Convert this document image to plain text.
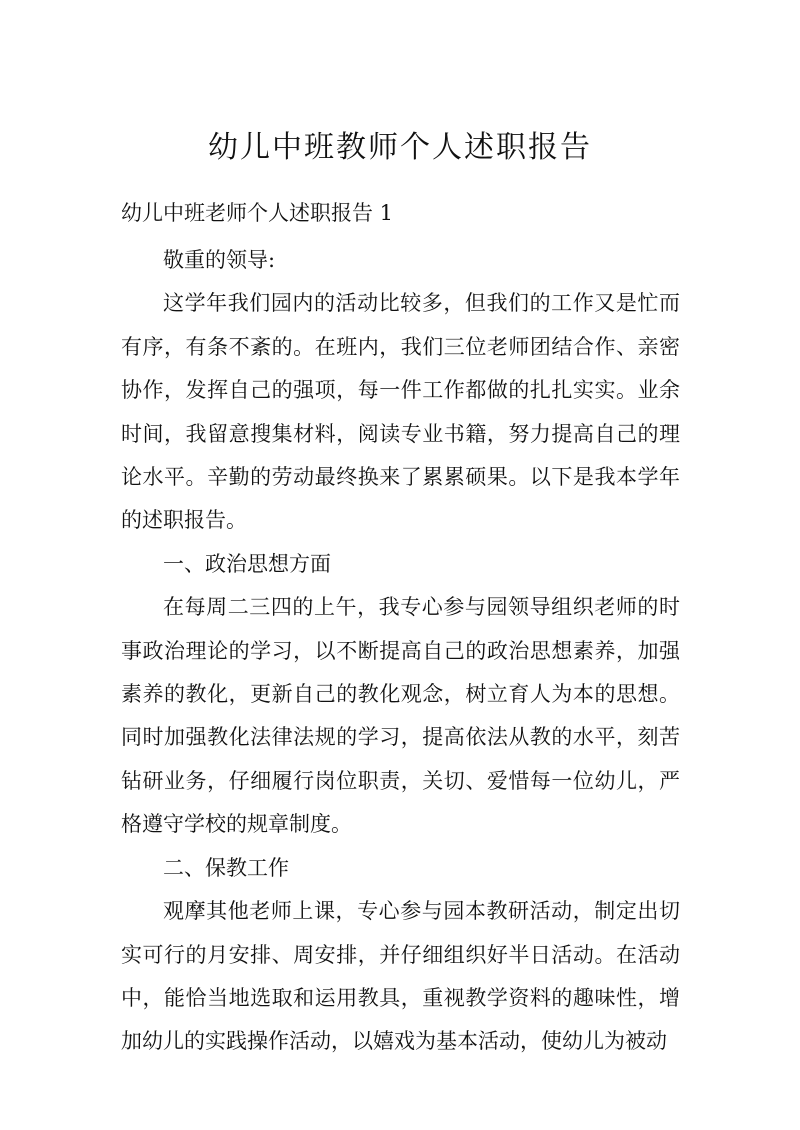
幼儿中班教师个人述职报告
幼儿中班老师个人述职报告 1

敬重的领导:

这学年我们园内的活动比较多，但我们的工作又是忙而有序，有条不紊的。在班内，我们三位老师团结合作、亲密协作，发挥自己的强项，每一件工作都做的扎扎实实。业余时间，我留意搜集材料，阅读专业书籍，努力提高自己的理论水平。辛勤的劳动最终换来了累累硕果。以下是我本学年的述职报告。

一、政治思想方面

在每周二三四的上午，我专心参与园领导组织老师的时事政治理论的学习，以不断提高自己的政治思想素养，加强素养的教化，更新自己的教化观念，树立育人为本的思想。同时加强教化法律法规的学习，提高依法从教的水平，刻苦钻研业务，仔细履行岗位职责，关切、爱惜每一位幼儿，严格遵守学校的规章制度。

二、保教工作

观摩其他老师上课，专心参与园本教研活动，制定出切实可行的月安排、周安排，并仔细组织好半日活动。在活动中，能恰当地选取和运用教具，重视教学资料的趣味性，增加幼儿的实践操作活动，以嬉戏为基本活动，使幼儿为被动
